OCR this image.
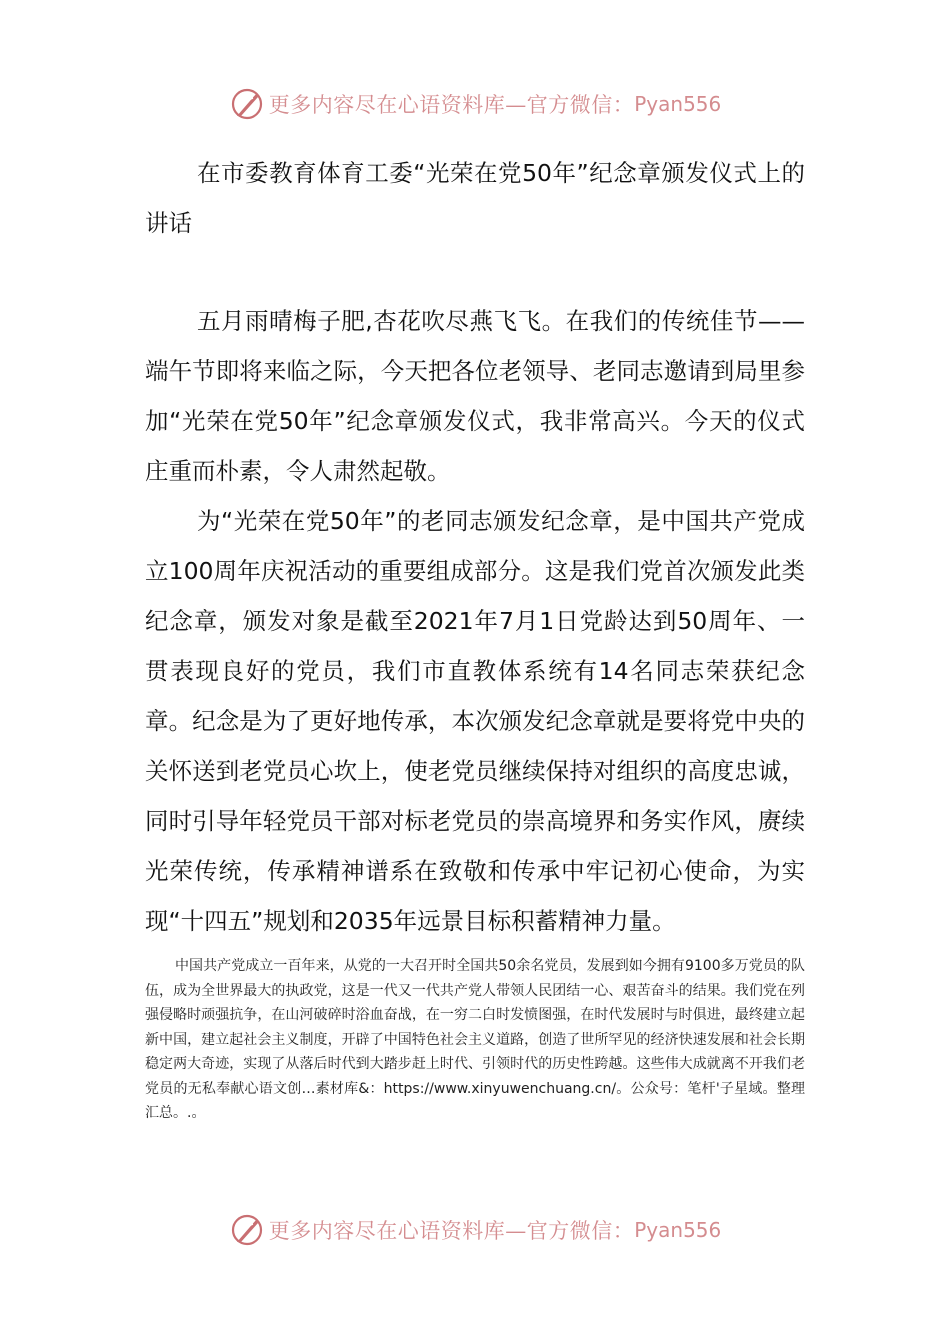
更多内容尽在心语资料库—官方微信： Pyan556
在市委教育体育工委“光荣在党50年”纪念章颁发仪式上的讲话

五月雨晴梅子肥,杏花吹尽燕飞飞。在我们的传统佳节——端午节即将来临之际，今天把各位老领导、老同志邀请到局里参加“光荣在党50年”纪念章颁发仪式，我非常高兴。今天的仪式庄重而朴素，令人肃然起敬。

为“光荣在党50年”的老同志颁发纪念章，是中国共产党成立100周年庆祝活动的重要组成部分。这是我们党首次颁发此类纪念章，颁发对象是截至2021年7月1日党龄达到50周年、一贯表现良好的党员，我们市直教体系统有14名同志荣获纪念章。纪念是为了更好地传承，本次颁发纪念章就是要将党中央的关怀送到老党员心坎上，使老党员继续保持对组织的高度忠诚，同时引导年轻党员干部对标老党员的崇高境界和务实作风，赓续光荣传统，传承精神谱系在致敬和传承中牢记初心使命，为实现“十四五”规划和2035年远景目标积蓄精神力量。

中国共产党成立一百年来，从党的一大召开时全国共50余名党员，发展到如今拥有9100多万党员的队伍，成为全世界最大的执政党，这是一代又一代共产党人带领人民团结一心、艰苦奋斗的结果。我们党在列强侵略时顽强抗争，在山河破碎时浴血奋战，在一穷二白时发愤图强，在时代发展时与时俱进，最终建立起新中国，建立起社会主义制度，开辟了中国特色社会主义道路，创造了世所罕见的经济快速发展和社会长期稳定两大奇迹，实现了从落后时代到大踏步赶上时代、引领时代的历史性跨越。这些伟大成就离不开我们老党员的无私奉献心语文创…素材库&：https://www.xinyuwenchuang.cn/。公众号：笔杆'子星域。整理汇总。.。

更多内容尽在心语资料库—官方微信： Pyan556
